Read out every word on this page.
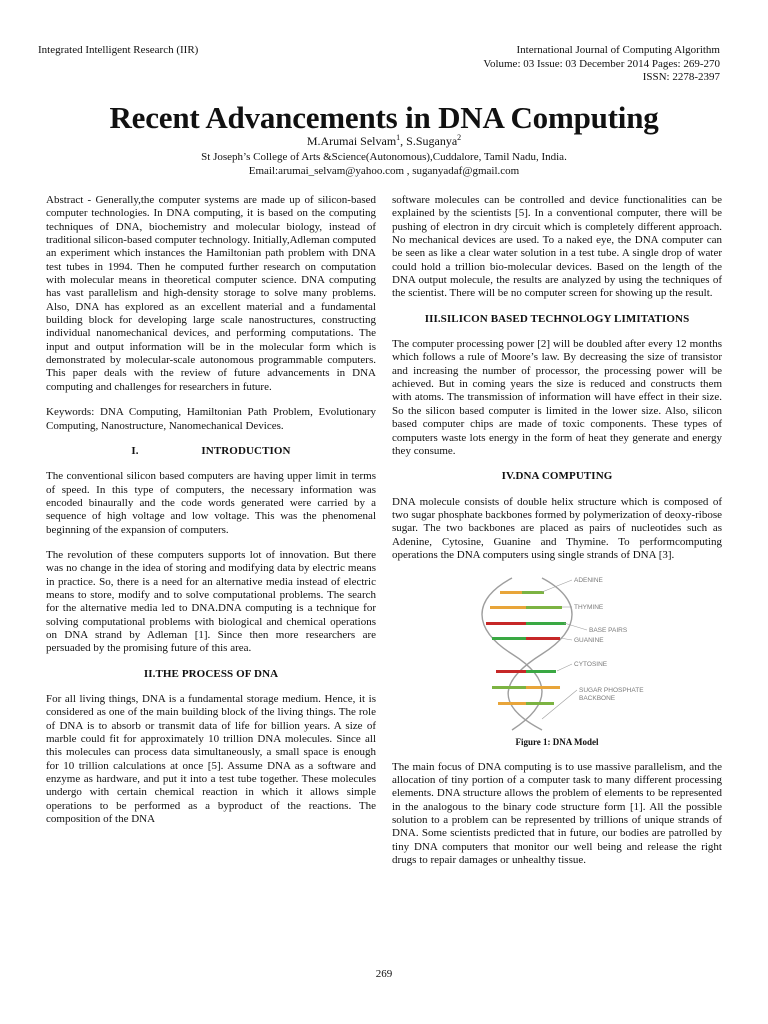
Integrated Intelligent Research (IIR)	International Journal of Computing Algorithm
Volume: 03 Issue: 03 December 2014 Pages: 269-270
ISSN: 2278-2397
Recent Advancements in DNA Computing
M.Arumai Selvam$^1$, S.Suganya$^2$
St Joseph’s College of Arts &Science(Autonomous),Cuddalore, Tamil Nadu, India.
Email:arumai_selvam@yahoo.com , suganyadaf@gmail.com

Abstract - Generally,the computer systems are made up of silicon-based computer technologies. In DNA computing, it is based on the computing techniques of DNA, biochemistry and molecular biology, instead of traditional silicon-based computer technology. Initially,Adleman computed an experiment which instances the Hamiltonian path problem with DNA test tubes in 1994. Then he computed further research on computation with molecular means in theoretical computer science. DNA computing has vast parallelism and high-density storage to solve many problems. Also, DNA has explored as an excellent material and a fundamental building block for developing large scale nanostructures, constructing individual nanomechanical devices, and performing computations. The input and output information will be in the molecular form which is demonstrated by molecular-scale autonomous programmable computers. This paper deals with the review of future advancements in DNA computing and challenges for researchers in future.

Keywords: DNA Computing, Hamiltonian Path Problem, Evolutionary Computing, Nanostructure, Nanomechanical Devices.

I.	INTRODUCTION

The conventional silicon based computers are having upper limit in terms of speed. In this type of computers, the necessary information was encoded binaurally and the code words generated were carried by a sequence of high voltage and low voltage. This was the phenomenal beginning of the expansion of computers.

The revolution of these computers supports lot of innovation. But there was no change in the idea of storing and modifying data by electric means in practice. So, there is a need for an alternative media instead of electric means to store, modify and to solve computational problems. The search for the alternative media led to DNA.DNA computing is a technique for solving computational problems with biological and chemical operations on DNA strand by Adleman [1]. Since then more researchers are persuaded by the promising future of this area.

II.THE PROCESS OF DNA

For all living things, DNA is a fundamental storage medium. Hence, it is considered as one of the main building block of the living things. The role of DNA is to absorb or transmit data of life for billion years. A size of marble could fit for approximately 10 trillion DNA molecules. Since all this molecules can process data simultaneously, a small space is enough for 10 trillion calculations at once [5]. Assume DNA as a software and enzyme as hardware, and put it into a test tube together. These molecules undergo with certain chemical reaction in which it allows simple operations to be performed as a byproduct of the reactions. The composition of the DNA

software molecules can be controlled and device functionalities can be explained by the scientists [5]. In a conventional computer, there will be pushing of electron in dry circuit which is completely different approach. No mechanical devices are used. To a naked eye, the DNA computer can be seen as like a clear water solution in a test tube. A single drop of water could hold a trillion bio-molecular devices. Based on the length of the DNA output molecule, the results are analyzed by using the techniques of the scientist. There will be no computer screen for showing up the result.

III.SILICON BASED TECHNOLOGY LIMITATIONS

The computer processing power [2] will be doubled after every 12 months which follows a rule of Moore’s law. By decreasing the size of transistor and increasing the number of processor, the processing power will be achieved. But in coming years the size is reduced and constructs them with atoms. The transmission of information will have effect in their size. So the silicon based computer is limited in the lower size. Also, silicon based computer chips are made of toxic components. These types of computers waste lots energy in the form of heat they generate and energy they consume.

IV.DNA COMPUTING

DNA molecule consists of double helix structure which is composed of two sugar phosphate backbones formed by polymerization of deoxy-ribose sugar. The two backbones are placed as pairs of nucleotides such as Adenine, Cytosine, Guanine and Thymine. To performcomputing operations the DNA computers using single strands of DNA [3].

ADENINE
THYMINE
BASE PAIRS
GUANINE
CYTOSINE
SUGAR PHOSPHATE
BACKBONE
Figure 1: DNA Model

The main focus of DNA computing is to use massive parallelism, and the allocation of tiny portion of a computer task to many different processing elements. DNA structure allows the problem of elements to be represented in the analogous to the binary code structure form [1]. All the possible solution to a problem can be represented by trillions of unique strands of DNA. Some scientists predicted that in future, our bodies are patrolled by tiny DNA computers that monitor our well being and release the right drugs to repair damages or unhealthy tissue.

269
